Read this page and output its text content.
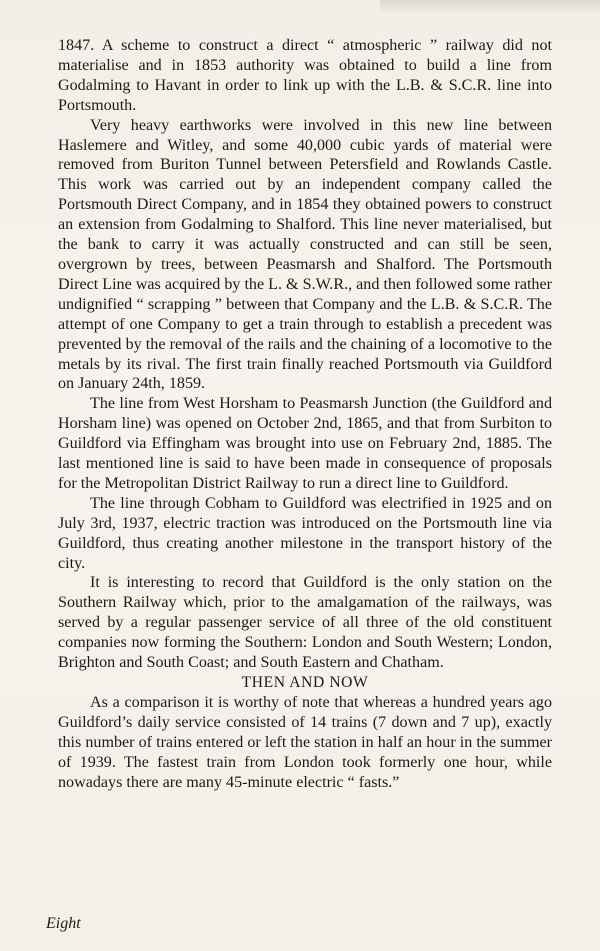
1847. A scheme to construct a direct “ atmospheric ” railway did not materialise and in 1853 authority was obtained to build a line from Godalming to Havant in order to link up with the L.B. & S.C.R. line into Portsmouth.

Very heavy earthworks were involved in this new line between Haslemere and Witley, and some 40,000 cubic yards of material were removed from Buriton Tunnel between Petersfield and Rowlands Castle. This work was carried out by an independent company called the Portsmouth Direct Company, and in 1854 they obtained powers to construct an extension from Godalming to Shalford. This line never materialised, but the bank to carry it was actually constructed and can still be seen, overgrown by trees, between Peasmarsh and Shalford. The Portsmouth Direct Line was acquired by the L. & S.W.R., and then followed some rather undignified “ scrapping ” between that Company and the L.B. & S.C.R. The attempt of one Company to get a train through to establish a precedent was prevented by the removal of the rails and the chaining of a locomotive to the metals by its rival. The first train finally reached Portsmouth via Guildford on January 24th, 1859.

The line from West Horsham to Peasmarsh Junction (the Guildford and Horsham line) was opened on October 2nd, 1865, and that from Surbiton to Guildford via Effingham was brought into use on February 2nd, 1885. The last mentioned line is said to have been made in consequence of proposals for the Metropolitan District Railway to run a direct line to Guildford.

The line through Cobham to Guildford was electrified in 1925 and on July 3rd, 1937, electric traction was introduced on the Portsmouth line via Guildford, thus creating another milestone in the transport history of the city.

It is interesting to record that Guildford is the only station on the Southern Railway which, prior to the amalgamation of the railways, was served by a regular passenger service of all three of the old constituent companies now forming the Southern: London and South Western; London, Brighton and South Coast; and South Eastern and Chatham.

THEN AND NOW

As a comparison it is worthy of note that whereas a hundred years ago Guildford’s daily service consisted of 14 trains (7 down and 7 up), exactly this number of trains entered or left the station in half an hour in the summer of 1939. The fastest train from London took formerly one hour, while nowadays there are many 45-minute electric “ fasts.”

Eight
